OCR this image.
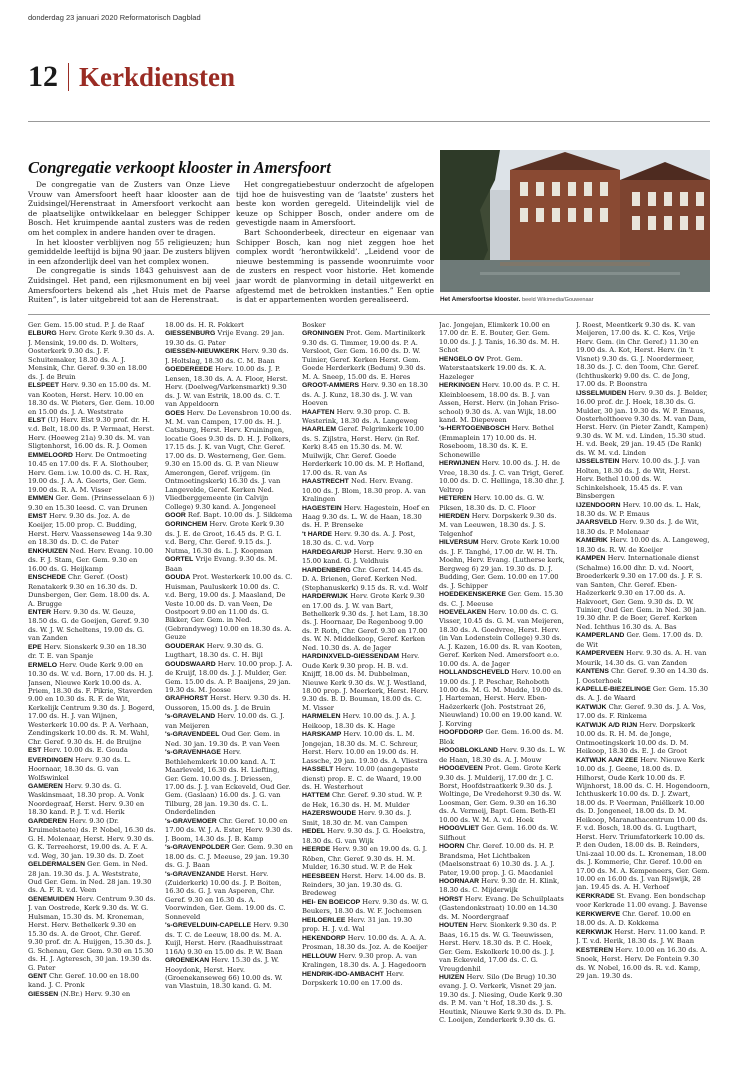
donderdag 23 januari 2020 Reformatorisch Dagblad
12 Kerkdiensten
Congregatie verkoopt klooster in Amersfoort

De congregatie van de Zusters van Onze Lieve Vrouw van Amersfoort heeft haar klooster aan de Zuidsingel/Herenstraat in Amersfoort verkocht aan de plaatselijke ontwikkelaar en belegger Schipper Bosch. Het kruimpende aantal zusters was de reden om het complex in andere handen over te dragen.

In het klooster verblijven nog 55 religieuzen; hun gemiddelde leeftijd is bijna 90 jaar. De zusters blijven in een afzonderlijk deel van het complex wonen.

De congregatie is sinds 1843 gehuisvest aan de Zuidsingel. Het pand, een rijksmonument en bij veel Amersfoorters bekend als „het Huis met de Paarse Ruiten”, is later uitgebreid tot aan de Herenstraat.

Het congregatiebestuur onderzocht de afgelopen tijd hoe de huisvesting van de ‘laatste’ zusters het beste kon worden geregeld. Uiteindelijk viel de keuze op Schipper Bosch, onder andere om de gevestigde naam in Amersfoort.

Bart Schoonderbeek, directeur en eigenaar van Schipper Bosch, kan nog niet zeggen hoe het complex wordt ‘herontwikkeld’. „Leidend voor de nieuwe bestemming is passende woonruimte voor de zusters en respect voor historie. Het komende jaar wordt de planvorming in detail uitgewerkt en afgestemd met de betrokken instanties.” Een optie is dat er appartementen worden gerealiseerd.	Het Amersfoortse klooster. beeld Wikimedia/Gouwenaar

Ger. Gem. 15.00 stud. P. J. de Raaf

ELBURG Herv. Grote Kerk 9.30 ds. A. J. Mensink, 19.00 ds. D. Wolters, Oosterkerk 9.30 ds. J. F. Schuitemaker, 18.30 ds. A. J. Mensink, Chr. Geref. 9.30 en 18.00 ds. J. de Bruin

ELSPEET Herv. 9.30 en 15.00 ds. M. van Kooten, Herst. Herv. 10.00 en 18.30 ds. W. Pieters, Ger. Gem. 10.00 en 15.00 ds. J. A. Weststrate

ELST (U) Herv. Elst 9.30 prof. dr. H. v.d. Belt, 18.00 ds. P. Vermaat, Herst. Herv. (Hoeweg 21a) 9.30 ds. M. van Sligtenhorst, 16.00 ds. R. J. Oomen

EMMELOORD Herv. De Ontmoeting 10.45 en 17.00 ds. F. A. Slothouber, Herv. Gem. i.w. 10.00 ds. C. H. Rax, 19.00 ds. J. A. A. Geerts, Ger. Gem. 19.00 ds. R. A. M. Visser

EMMEN Ger. Gem. (Prinsesselaan 6 )) 9.30 en 15.30 leesd. C. van Drunen

EMST Herv. 9.30 ds. Joz. A. de Koeijer, 15.00 prop. C. Budding, Herst. Herv. Vaassenseweg 14a 9.30 en 18.30 ds. D. C. de Pater

ENKHUIZEN Ned. Herv. Evang. 10.00 ds. F. J. Stam, Ger. Gem. 9.30 en 16.00 ds. G. Heijkamp

ENSCHEDE Chr. Geref. (Oost) Renatakerk 9.30 en 16.30 ds. D. Dunsbergen, Ger. Gem. 18.00 ds. A. A. Brugge

ENTER Herv. 9.30 ds. W. Geuze, 18.50 ds. G. de Goeijen, Geref. 9.30 ds. W. J. W. Scheltens, 19.00 ds. G. van Zanden

EPE Herv. Sionskerk 9.30 en 18.30 dr. T. E. van Spanje

ERMELO Herv. Oude Kerk 9.00 en 10.30 ds. W. v.d. Born, 17.00 ds. H. J. Jansen, Nieuwe Kerk 10.00 ds. A. Priem, 18.30 ds. F. Pikrie, Staverden 9.00 en 10.30 ds. R. F. de Wit, Kerkelijk Centrum 9.30 ds. J. Bogerd, 17.00 ds. H. J. van Wijnen, Westerkerk 10.00 ds. P. A. Verhaan, Zendingskerk 10.00 ds. R. M. Wahl, Chr. Geref. 9.30 ds. H. de Bruijne

EST Herv. 10.00 ds. E. Gouda

EVERDINGEN Herv. 9.30 ds. L. Hoornaar, 18.30 ds. G. van Wolfswinkel

GAMEREN Herv. 9.30 ds. G. Waskinsmaat, 18.30 prop. A. Vonk Noordegraaf, Herst. Herv. 9.30 en 18.30 kand. P. J. T. v.d. Herik

GARDEREN Herv. 9.30 (Dr. Kruimelstaete) ds. P. Nobel, 16.30 ds. G. H. Molenaar, Herst. Herv. 9.30 ds. G. K. Terreehorst, 19.00 ds. A. F. A. v.d. Weg, 30 jan. 19.30 ds. D. Zoet

GELDERMALSEN Ger. Gem. in Ned. 28 jan. 19.30 ds. J. A. Weststrate, Oud Ger. Gem. in Ned. 28 jan. 19.30 ds. A. F. R. v.d. Veen

GENEMUIDEN Herv. Centrum 9.30 ds. J. van Oostrede, Kerk 9.30 ds. W. G. Hulsman, 15.30 ds. M. Kroneman, Herst. Herv. Bethelkerk 9.30 en 15.30 ds. A. de Groot, Chr. Geref. 9.30 prof. dr. A. Huijgen, 15.30 ds. J. G. Schenau, Ger. Gem. 9.30 en 15.30 ds. H. J. Agteresch, 30 jan. 19.30 ds. G. Pater

GENT Chr. Geref. 10.00 en 18.00 kand. J. C. Pronk

GIESSEN (N.Br.) Herv. 9.30 en

18.00 ds. H. R. Fokkert

GIESSENBURG Vrije Evang. 29 jan. 19.30 ds. G. Pater

GIESSEN-NIEUWKERK Herv. 9.30 ds. J. Holtslag, 18.30 ds. C. M. Baan

GOEDEREEDE Herv. 10.00 ds. J. P. Lensen, 18.30 ds. A. A. Floor, Herst. Herv. (Doelweg/Varkensmarkt) 9.30 ds. J. W. van Estrik, 18.00 ds. C. T. van Appeldoorn

GOES Herv. De Levensbron 10.00 ds. M. M. van Campen, 17.00 ds. H. J. Catsburg, Herst. Herv. Kruiningen, locatie Goes 9.30 ds. D. H. J. Folkers, 17.15 ds. J. K. van Vugt, Chr. Geref. 17.00 ds. D. Westerneng, Ger. Gem. 9.30 en 15.00 ds. G. P. van Nieuw Amerongen, Geref. vrijgem. (in Ontmoetingskerk) 16.30 ds. J. van Langevelde, Geref. Kerken Ned. Vliedberggemeente (in Calvijn College) 9.30 kand. A. Jongeneel

GOOR Ref. Bapt. 10.00 ds. J. Sikkema

GORINCHEM Herv. Grote Kerk 9.30 ds. J. E. de Groot, 16.45 ds. P. G. I. v.d. Berg, Chr. Geref. 9.15 ds. J. Nutma, 16.30 ds. L. J. Koopman

GORTEL Vrije Evang. 9.30 ds. M. Baan

GOUDA Prot. Westerkerk 10.00 ds. C. Huisman, Pauluskerk 10.00 ds. C. v.d. Berg, 19.00 ds. J. Maasland, De Veste 10.00 ds. D. van Veen, De Oostpoort 9.00 en 11.00 ds. G. Bikker, Ger. Gem. in Ned. (Gebrandyweg) 10.00 en 18.30 ds. A. Geuze

GOUDERAK Herv. 9.30 ds. G. Lugthart, 18.30 ds. C. H. Bijl

GOUDSWAARD Herv. 10.00 prop. J. A. de Kruijf, 18.00 ds. J. J. Mulder, Ger. Gem. 15.00 ds. A. P. Baaijens, 29 jan. 19.30 ds. M. Joosse

GRAFHORST Herst. Herv. 9.30 ds. H. Oussoren, 15.00 ds. J. de Bruin

's-GRAVELAND Herv. 10.00 ds. G. J. van Meijeren

's-GRAVENDEEL Oud Ger. Gem. in Ned. 30 jan. 19.30 ds. P. van Veen

's-GRAVENHAGE Herv. Bethlehemkerk 10.00 kand. A. T. Maarleveld, 16.30 ds. H. Liefting, Ger. Gem. 10.00 ds. J. Driessen, 17.00 ds. J. J. van Eckeveld, Oud Ger. Gem. (Gaslaan) 16.00 ds. J. G. van Tilburg, 28 jan. 19.30 ds. C. L. Onderdelinden

's-GRAVEMOER Chr. Geref. 10.00 en 17.00 ds. W. J. A. Ester, Herv. 9.30 ds. J. Boom, 14.30 ds. J. B. Kamp

's-GRAVENPOLDER Ger. Gem. 9.30 en 18.00 ds. C. J. Meeuse, 29 jan. 19.30 ds. G. J. Baan

's-GRAVENZANDE Herst. Herv. (Zuiderkerk) 10.00 ds. J. P. Boiten, 16.30 ds. G. J. van Asperen, Chr. Geref. 9.30 en 16.30 ds. A. Voorwinden, Ger. Gem. 19.00 ds. C. Sonneveld

's-GREVELDUIN-CAPELLE Herv. 9.30 ds. T. C. de Leeuw, 18.00 ds. M. A. Kuijl, Herst. Herv. (Raadhuisstraat 116A) 9.30 en 15.00 ds. P. W. Baan

GROENEKAN Herv. 15.30 ds. J. W. Hooydonk, Herst. Herv. (Groenekanseweg 66) 10.00 ds. W. van Vlastuin, 18.30 kand. G. M.

Bosker

GRONINGEN Prot. Gem. Martinikerk 9.30 ds. G. Timmer, 19.00 ds. P. A. Versloot, Ger. Gem. 16.00 ds. D. W. Tuinier, Geref. Kerken Herst. Gem. Goede Herderkerk (Bedum) 9.30 ds. M. A. Sneep, 15.00 ds. E. Heres

GROOT-AMMERS Herv. 9.30 en 18.30 ds. A. J. Kunz, 18.30 ds. J. W. van Hoeven

HAAFTEN Herv. 9.30 prop. C. B. Westerink, 18.30 ds. A. Langeweg

HAARLEM Geref. Pelgrimkerk 10.00 ds. S. Zijlstra, Herst. Herv. (in Ref. Kerk) 8.45 en 15.30 ds. M. W. Muilwijk, Chr. Geref. Goede Herderkerk 10.00 ds. M. P. Hofland, 17.00 ds. R. van As

HAASTRECHT Ned. Herv. Evang. 10.00 ds. J. Blom, 18.30 prop. A. van Kralingen

HAGESTEIN Herv. Hagestein, Hoef en Haag 9.30 ds. L. W. de Haan, 18.30 ds. H. P. Brenseke

't HARDE Herv. 9.30 ds. A. J. Post, 18.30 ds. C. v.d. Vorp

HARDEGARIJP Herst. Herv. 9.30 en 15.00 kand. G. J. Veldhuis

HARDENBERG Chr. Geref. 14.45 ds. D. A. Brienen, Geref. Kerken Ned. (Stephanuskerk) 9.15 ds. R. v.d. Wolf

HARDERWIJK Herv. Grote Kerk 9.30 en 17.00 ds. J. W. van Bart, Bethelkerk 9.30 ds. J. het Lam, 18.30 ds. J. Hoornaar, De Regenboog 9.00 ds. P. Roth, Chr. Geref. 9.30 en 17.00 ds. W. N. Middelkoop, Geref. Kerken Ned. 10.30 ds. A. de Jager

HARDINXVELD-GIESSENDAM Herv. Oude Kerk 9.30 prop. H. B. v.d. Knijff, 18.00 ds. M. Dubbelman, Nieuwe Kerk 9.30 ds. W. J. Westland, 18.00 prop. J. Meerkerk, Herst. Herv. 9.30 ds. B. D. Bouman, 18.00 ds. C. M. Visser

HARMELEN Herv. 10.00 ds. J. A. J. Heikoop, 18.30 ds. K. Hage

HARSKAMP Herv. 10.00 ds. L. M. Jongejan, 18.30 ds. M. C. Schreur, Herst. Herv. 10.00 en 19.00 ds. H. Lassche, 29 jan. 19.30 ds. A. Vliestra

HASSELT Herv. 10.00 (aangepaste dienst) prop. E. C. de Waard, 19.00 ds. H. Westerhout

HATTEM Chr. Geref. 9.30 stud. W. P. de Hek, 16.30 ds. H. M. Mulder

HAZERSWOUDE Herv. 9.30 ds. J. Smit, 18.30 dr. M. van Campen

HEDEL Herv. 9.30 ds. J. G. Hoekstra, 18.30 ds. G. van Wijk

HEERDE Herv. 9.30 en 19.00 ds. G. J. Röben, Chr. Geref. 9.30 ds. H. M. Mulder, 16.30 stud. W. P. de Hek

HEESBEEN Herst. Herv. 14.00 ds. B. Reinders, 30 jan. 19.30 ds. G. Bredeweg

HEI- EN BOEICOP Herv. 9.30 ds. W. G. Beukers, 18.30 ds. W. F. Jochemsen

HEILOERLEE Herv. 31 jan. 19.30 prop. H. J. v.d. Wal

HEKENDORP Herv. 10.00 ds. A. A. A. Prosman, 18.30 ds. Joz. A. de Koeijer

HELLOUW Herv. 9.30 prop. A. van Kralingen, 18.30 ds. A. J. Hagedoorn

HENDRIK-IDO-AMBACHT Herv. Dorpskerk 10.00 en 17.00 ds.

Jac. Jongejan, Elimkerk 10.00 en 17.00 dr. E. E. Bouter, Ger. Gem. 10.00 ds. J. J. Tanis, 16.30 ds. M. H. Schot

HENGELO OV Prot. Gem. Waterstaatskerk 19.00 ds. K. A. Hazeleger

HERKINGEN Herv. 10.00 ds. P. C. H. Kleinbloesem, 18.00 ds. B. J. van Assen, Herst. Herv. (in Johan Friso-school) 9.30 ds. A. van Wijk, 18.00 kand. M. Diepeveen

's-HERTOGENBOSCH Herv. Bethel (Emmaplein 17) 10.00 ds. H. Roseboom, 18.30 ds. K. E. Schonewille

HERWIJNEN Herv. 10.00 ds. J. H. de Vree, 18.30 ds. J. C. van Trigt, Geref. 10.00 ds. D. C. Hellinga, 18.30 dhr. J. Veltrop

HETEREN Herv. 10.00 ds. G. W. Piksen, 18.30 ds. D. C. Floor

HIERDEN Herv. Dorpskerk 9.30 ds. M. van Leeuwen, 18.30 ds. J. S. Telgenhof

HILVERSUM Herv. Grote Kerk 10.00 ds. J. F. Tanghé, 17.00 dr. W. H. Th. Moehn, Herv. Evang. (Lutherse kerk, Bergweg 6) 29 jan. 19.30 ds. D. J. Budding, Ger. Gem. 10.00 en 17.00 ds. J. Schipper

HOEDEKENSKERKE Ger. Gem. 15.30 ds. C. J. Meeuse

HOEVELAKEN Herv. 10.00 ds. C. G. Visser, 10.45 ds. G. M. van Meijeren, 18.30 ds. A. Goedvree, Herst. Herv. (in Van Lodenstein College) 9.30 ds. A. J. Kazen, 16.00 ds. R. van Kooten, Geref. Kerken Ned. Amersfoort e.o. 10.00 ds. A. de Jager

HOLLANDSCHEVELD Herv. 10.00 en 19.00 ds. J. P. Peschar, Rehoboth 10.00 ds. M. G. M. Mudde, 19.00 ds. J. Harteman, Herst. Herv. Eben-Haëzerkerk (Joh. Poststraat 26, Nieuwland) 10.00 en 19.00 kand. W. J. Korving

HOOFDDORP Ger. Gem. 16.00 ds. M. Blok

HOOGBLOKLAND Herv. 9.30 ds. L. W. de Haan, 18.30 ds. A. J. Mouw

HOOGEVEEN Prot. Gem. Grote Kerk 9.30 ds. J. Mulderij, 17.00 dr. J. C. Borst, Hoofdstraatkerk 9.30 ds. J. Woltinge, De Vredehorst 9.30 ds. W. Loosman, Ger. Gem. 9.30 en 16.30 ds. A. Vermeij, Bapt. Gem. Beth-El 10.00 ds. W. M. A. v.d. Hoek

HOOGVLIET Ger. Gem. 16.00 ds. W. Silfhout

HOORN Chr. Geref. 10.00 ds. H. P. Brandsma, Het Lichtbaken (Maelsonstraat 6) 10.30 ds. J. A. J. Pater, 19.00 prop. J. G. Macdaniel

HOORNAAR Herv. 9.30 dr. H. Klink, 18.30 ds. C. Mijderwijk

HORST Herv. Evang. De Schuilplaats (Gastendonkstraat) 10.00 en 14.30 ds. M. Noordergraaf

HOUTEN Herv. Sionkerk 9.30 ds. P. Baas, 16.15 ds. W. G. Teeuwissen, Herst. Herv. 18.30 ds. P. C. Hoek, Ger. Gem. Eskolkerk 10.00 ds. J. J. van Eckeveld, 17.00 ds. C. G. Vreugdenhil

HUIZEN Herv. Silo (De Brug) 10.30 evang. J. O. Verkerk, Visnet 29 jan. 19.30 ds. J. Niesing, Oude Kerk 9.30 ds. P. M. van 't Hof, 18.30 ds. J. S. Heutink, Nieuwe Kerk 9.30 ds. D. Ph. C. Looijen, Zenderkerk 9.30 ds. G.

J. Roest, Meentkerk 9.30 ds. K. van Meijeren, 17.00 ds. K. C. Kos, Vrije Herv. Gem. (in Chr. Geref.) 11.30 en 19.00 ds. A. Kot, Herst. Herv. (in 't Visnet) 9.30 ds. G. J. Noordermeer, 18.30 ds. J. C. den Toom, Chr. Geref. (Ichthuskerk) 9.00 ds. C. de Jong, 17.00 ds. P. Boonstra

IJSSELMUIDEN Herv. 9.30 ds. J. Belder, 16.00 prof. dr. J. Hoek, 18.30 ds. G. Mulder, 30 jan. 19.30 ds. W. P. Emaus, Oosterholthoeve 9.30 ds. M. van Dam, Herst. Herv. (in Pieter Zandt, Kampen) 9.30 ds. W. M. v.d. Linden, 15.30 stud. H. v.d. Beek, 29 jan. 19.45 (De Rank) ds. W. M. v.d. Linden

IJSSELSTEIN Herv. 10.00 ds. J. J. van Holten, 18.30 ds. J. de Wit, Herst. Herv. Bethel 10.00 ds. W. Schinkelshoek, 15.45 ds. F. van Binsbergen

IJZENDOORN Herv. 10.00 ds. L. Hak, 18.30 ds. W. P. Emaus

JAARSVELD Herv. 9.30 ds. J. de Wit, 18.30 ds. P. Molenaar

KAMERIK Herv. 10.00 ds. A. Langeweg, 18.30 ds. R. W. de Koeijer

KAMPEN Herv. Internationale dienst (Schalme) 16.00 dhr. D. v.d. Noort, Broederkerk 9.30 en 17.00 ds. J. F. S. van Santen, Chr. Geref. Eben-Haëzerkerk 9.30 en 17.00 ds. A. Hakvoort, Ger. Gem. 9.30 ds. D. W. Tuinier, Oud Ger. Gem. in Ned. 30 jan. 19.30 dhr. P. de Boer, Geref. Kerken Ned. Ichthus 16.30 ds. A. Bas

KAMPERLAND Ger. Gem. 17.00 ds. D. de Wit

KAMPERVEEN Herv. 9.30 ds. A. H. van Mourik, 14.30 ds. G. van Zanden

KANTENS Chr. Geref. 9.30 en 14.30 ds. J. Oosterhoek

KAPELLE-BIEZELINGE Ger. Gem. 15.30 ds. A. J. de Waard

KATWIJK Chr. Geref. 9.30 ds. J. A. Vos, 17.00 ds. F. Rinkema

KATWIJK A/D RIJN Herv. Dorpskerk 10.00 ds. R. H. M. de Jonge, Ontmoetingskerk 10.00 ds. D. M. Heikoop, 18.30 ds. E. J. de Groot

KATWIJK AAN ZEE Herv. Nieuwe Kerk 10.00 ds. J. Geene, 18.00 ds. D. Hilhorst, Oude Kerk 10.00 ds. F. Wijnhorst, 18.00 ds. C. H. Hogendoorn, Ichthuskerk 10.00 ds. D. J. Zwart, 18.00 ds. P. Veerman, Pniëlkerk 10.00 ds. D. Jongeneel, 18.00 ds. D. M. Heikoop, Maranathacentrum 10.00 ds. F. v.d. Bosch, 18.00 ds. G. Lugthart, Herst. Herv. Triumfatorkerk 10.00 ds. P. den Ouden, 18.00 ds. B. Reinders, Uni-zaal 10.00 ds. L. Kroneman, 18.00 ds. J. Kommerie, Chr. Geref. 10.00 en 17.00 ds. M. A. Kempeneers, Ger. Gem. 10.00 en 16.00 ds. J. van Rijswijk, 28 jan. 19.45 ds. A. H. Verhoef

KERKRADE St. Evang. Een bondschap voor Kerkrade 11.00 evang. J. Bavense

KERKWERVE Chr. Geref. 10.00 en 18.00 ds. A. D. Kokkema

KERKWIJK Herst. Herv. 11.00 kand. P. J. T. v.d. Herik, 18.30 ds. J. W. Baan

KESTEREN Herv. 10.00 en 16.30 ds. A. Snoek, Herst. Herv. De Fontein 9.30 ds. W. Nobel, 16.00 ds. R. v.d. Kamp, 29 jan. 19.30 ds.
